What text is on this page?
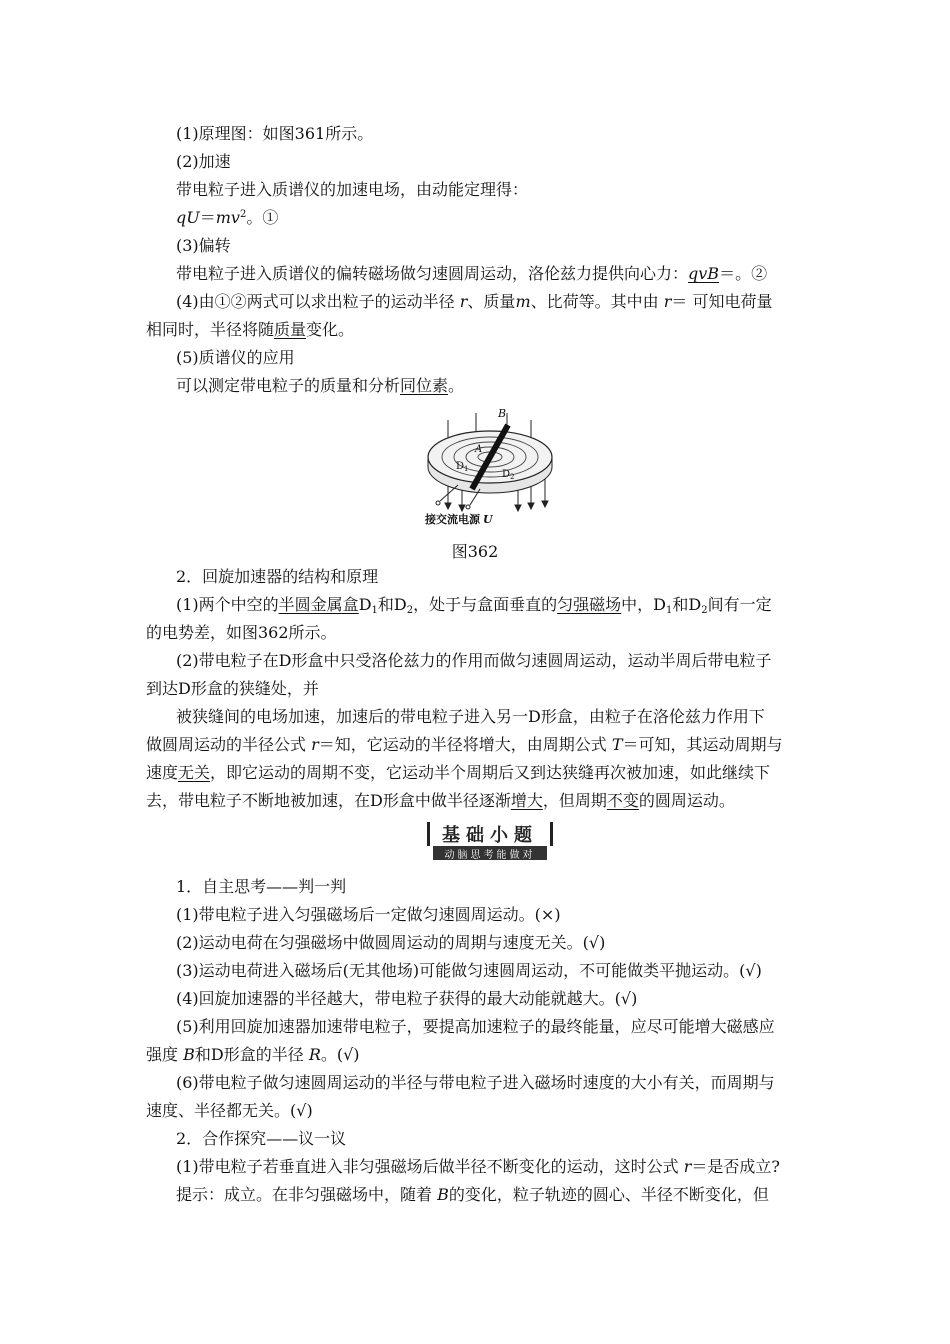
(1)原理图：如图361所示。
(2)加速
带电粒子进入质谱仪的加速电场，由动能定理得：
$qU=mv^2$。①
(3)偏转
带电粒子进入质谱仪的偏转磁场做匀速圆周运动，洛伦兹力提供向心力：qvB＝。②
(4)由①②两式可以求出粒子的运动半径 r、质量m、比荷等。其中由 r＝ 可知电荷量
相同时，半径将随质量变化。
(5)质谱仪的应用
可以测定带电粒子的质量和分析同位素。
B
A
$D_1$	$D_2$
接交流电源 U
图362
2．回旋加速器的结构和原理
(1)两个中空的半圆金属盒$D_1$和$D_2$，处于与盒面垂直的匀强磁场中，$D_1$和$D_2$间有一定
的电势差，如图362所示。
(2)带电粒子在D形盒中只受洛伦兹力的作用而做匀速圆周运动，运动半周后带电粒子
到达D形盒的狭缝处，并
被狭缝间的电场加速，加速后的带电粒子进入另一D形盒，由粒子在洛伦兹力作用下
做圆周运动的半径公式 r＝知，它运动的半径将增大，由周期公式 T＝可知，其运动周期与
速度无关，即它运动的周期不变，它运动半个周期后又到达狭缝再次被加速，如此继续下
去，带电粒子不断地被加速，在D形盒中做半径逐渐增大，但周期不变的圆周运动。
基础小题
动脑思考能做对
1．自主思考——判一判
(1)带电粒子进入匀强磁场后一定做匀速圆周运动。(×)
(2)运动电荷在匀强磁场中做圆周运动的周期与速度无关。(√)
(3)运动电荷进入磁场后(无其他场)可能做匀速圆周运动，不可能做类平抛运动。(√)
(4)回旋加速器的半径越大，带电粒子获得的最大动能就越大。(√)
(5)利用回旋加速器加速带电粒子，要提高加速粒子的最终能量，应尽可能增大磁感应
强度 B和D形盒的半径 R。(√)
(6)带电粒子做匀速圆周运动的半径与带电粒子进入磁场时速度的大小有关，而周期与
速度、半径都无关。(√)
2．合作探究——议一议
(1)带电粒子若垂直进入非匀强磁场后做半径不断变化的运动，这时公式 r＝是否成立?
提示：成立。在非匀强磁场中，随着 B的变化，粒子轨迹的圆心、半径不断变化，但
